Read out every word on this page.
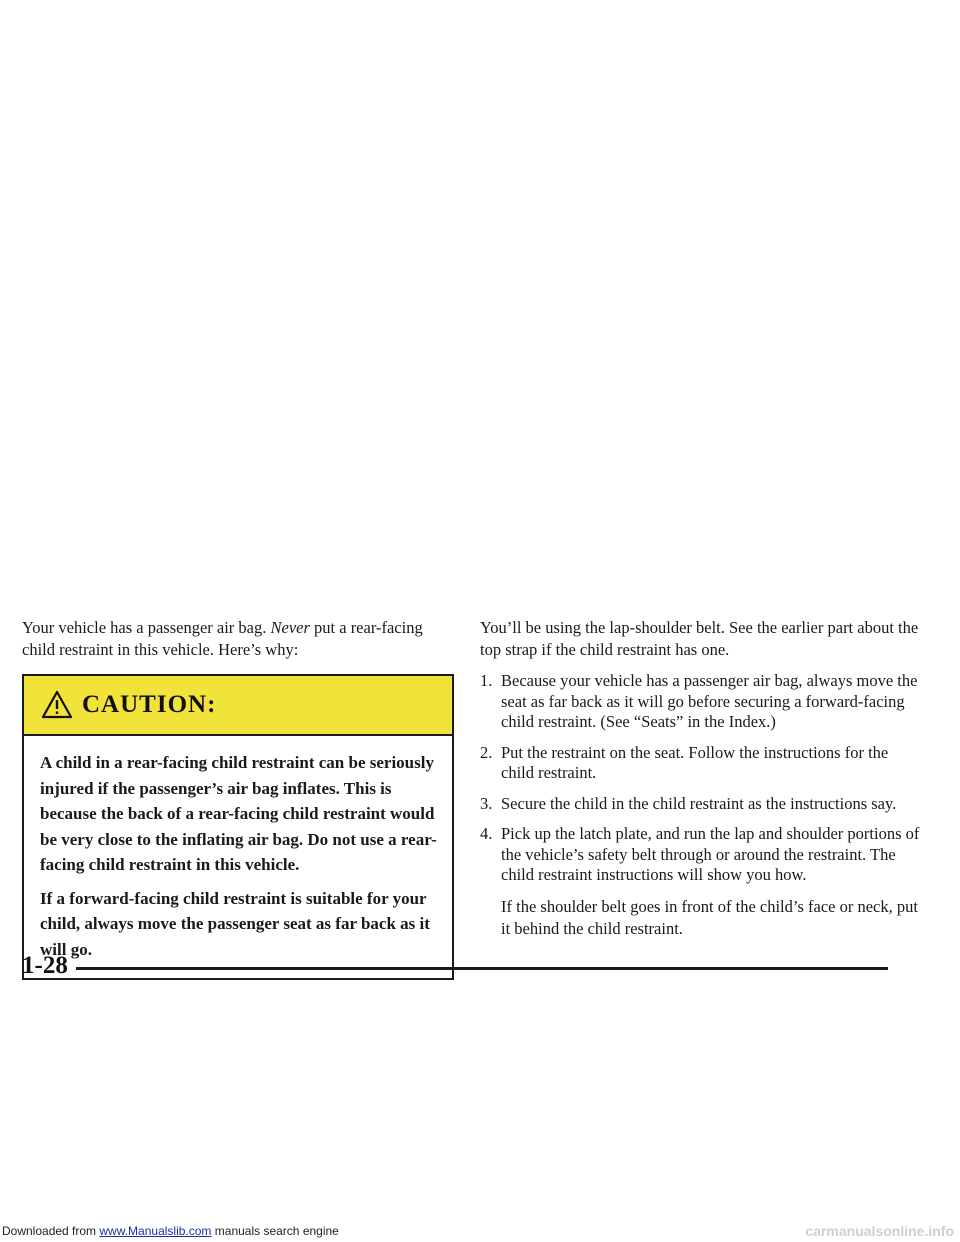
Your vehicle has a passenger air bag. Never put a rear-facing child restraint in this vehicle. Here’s why:

CAUTION:

A child in a rear-facing child restraint can be seriously injured if the passenger’s air bag inflates. This is because the back of a rear-facing child restraint would be very close to the inflating air bag. Do not use a rear-facing child restraint in this vehicle.

If a forward-facing child restraint is suitable for your child, always move the passenger seat as far back as it will go.

You’ll be using the lap-shoulder belt. See the earlier part about the top strap if the child restraint has one.

1. Because your vehicle has a passenger air bag, always move the seat as far back as it will go before securing a forward-facing child restraint. (See “Seats” in the Index.)
2. Put the restraint on the seat. Follow the instructions for the child restraint.
3. Secure the child in the child restraint as the instructions say.
4. Pick up the latch plate, and run the lap and shoulder portions of the vehicle’s safety belt through or around the restraint. The child restraint instructions will show you how.

If the shoulder belt goes in front of the child’s face or neck, put it behind the child restraint.

1-28
Downloaded from www.Manualslib.com manuals search engine	carmanualsonline.info
